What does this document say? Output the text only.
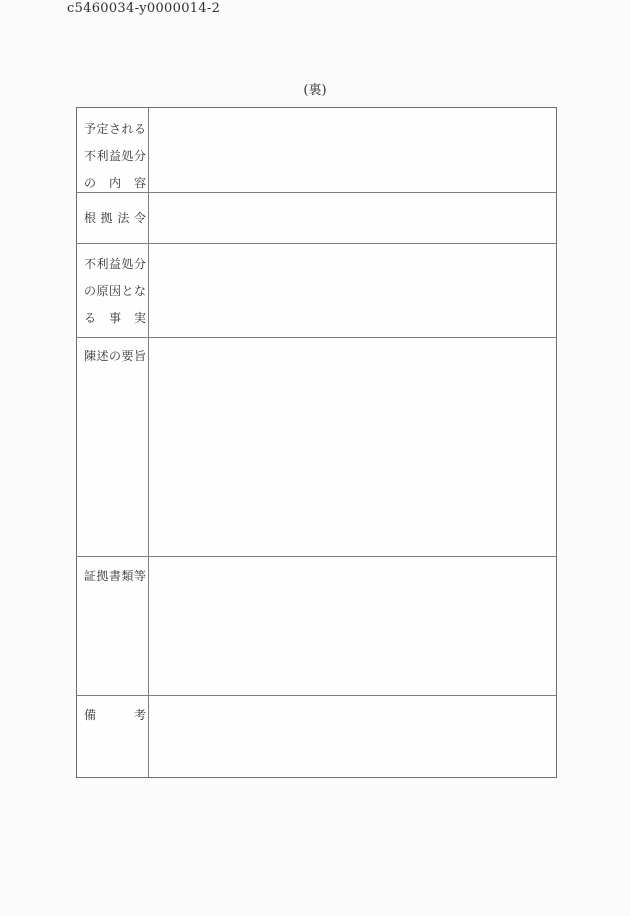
c5460034-y0000014-2
(裏)
予定される
不利益処分
の内容
根拠法令
不利益処分
の原因とな
る事実
陳述の要旨
証拠書類等
備考
